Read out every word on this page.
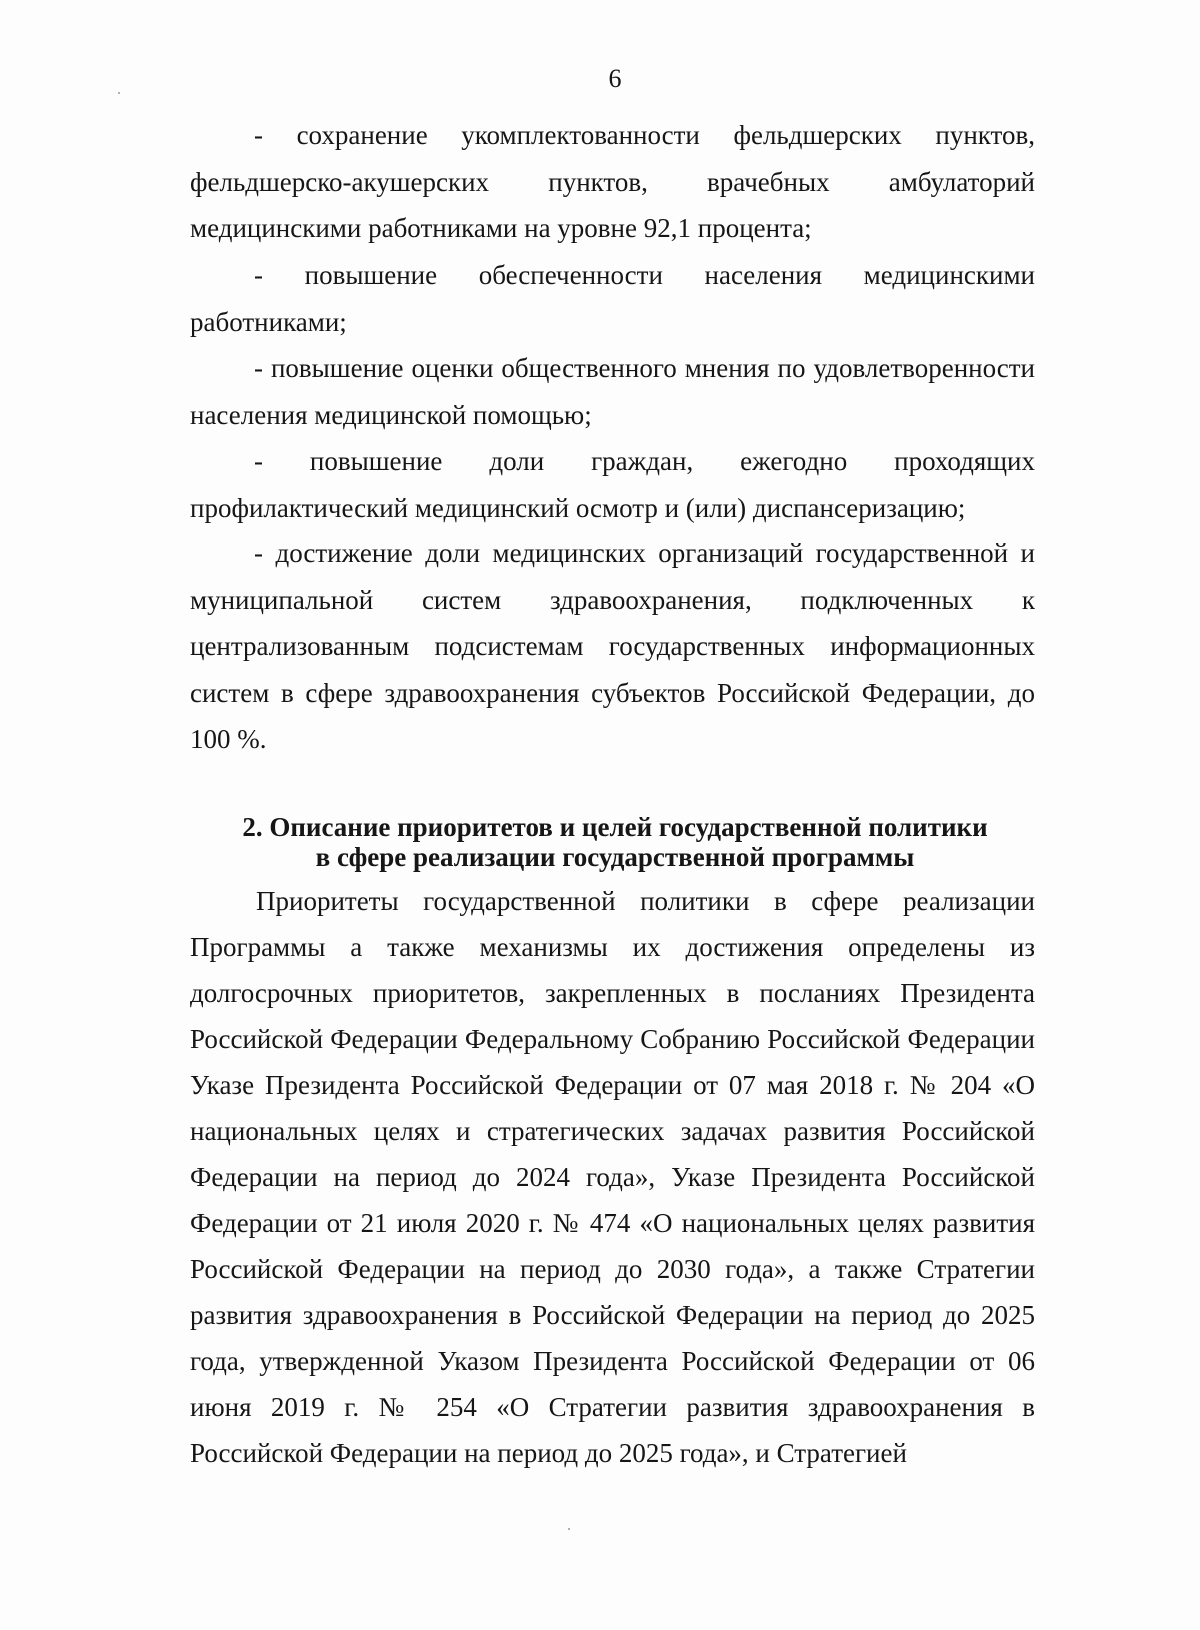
6

- сохранение укомплектованности фельдшерских пунктов, фельдшерско-акушерских пунктов, врачебных амбулаторий медицинскими работниками на уровне 92,1 процента;

- повышение обеспеченности населения медицинскими работниками;

- повышение оценки общественного мнения по удовлетворенности населения медицинской помощью;

- повышение доли граждан, ежегодно проходящих профилактический медицинский осмотр и (или) диспансеризацию;

- достижение доли медицинских организаций государственной и муниципальной систем здравоохранения, подключенных к централизованным подсистемам государственных информационных систем в сфере здравоохранения субъектов Российской Федерации, до 100 %.

2. Описание приоритетов и целей государственной политики
в сфере реализации государственной программы

Приоритеты государственной политики в сфере реализации Программы а также механизмы их достижения определены из долгосрочных приоритетов, закрепленных в посланиях Президента Российской Федерации Федеральному Собранию Российской Федерации Указе Президента Российской Федерации от 07 мая 2018 г. № 204 «О национальных целях и стратегических задачах развития Российской Федерации на период до 2024 года», Указе Президента Российской Федерации от 21 июля 2020 г. № 474 «О национальных целях развития Российской Федерации на период до 2030 года», а также Стратегии развития здравоохранения в Российской Федерации на период до 2025 года, утвержденной Указом Президента Российской Федерации от 06 июня 2019 г. № 254 «О Стратегии развития здравоохранения в Российской Федерации на период до 2025 года», и Стратегией
